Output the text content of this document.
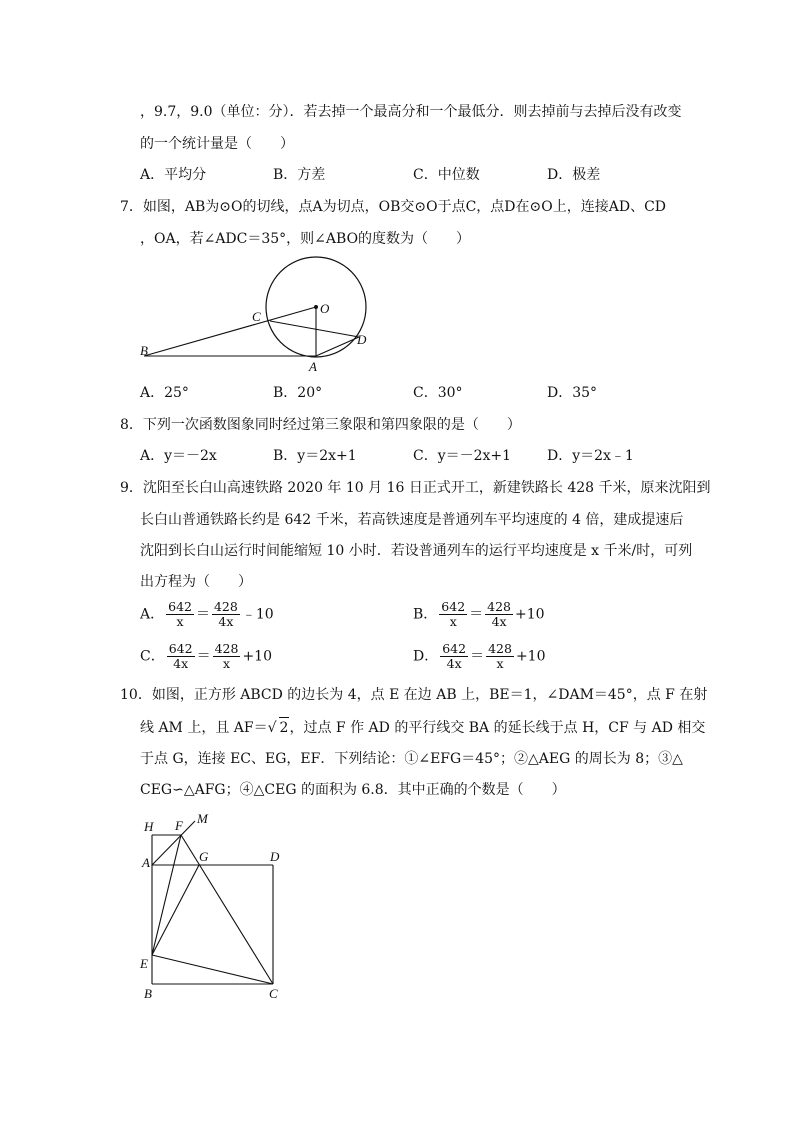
，9.7，9.0（单位：分）．若去掉一个最高分和一个最低分．则去掉前与去掉后没有改变
的一个统计量是（　　）
A．平均分	B．方差	C．中位数	D．极差
7．如图，AB为⊙O的切线，点A为切点，OB交⊙O于点C，点D在⊙O上，连接AD、CD
，OA，若∠ADC＝35°，则∠ABO的度数为（　　）
B
C
O
D
A
A．25°	B．20°	C．30°	D．35°
8．下列一次函数图象同时经过第三象限和第四象限的是（　　）
A．y＝－2x	B．y＝2x+1	C．y＝－2x+1	D．y＝2x﹣1
9．沈阳至长白山高速铁路 2020 年 10 月 16 日正式开工，新建铁路长 428 千米，原来沈阳到
长白山普通铁路长约是 642 千米，若高铁速度是普通列车平均速度的 4 倍，建成提速后
沈阳到长白山运行时间能缩短 10 小时．若设普通列车的运行平均速度是 x 千米/时，可列
出方程为（　　）
A． $\frac{642}{x} = \frac{428}{4x}$ ﹣10	B． $\frac{642}{x} = \frac{428}{4x} +10$
C． $\frac{642}{4x} = \frac{428}{x} +10$	D． $\frac{642}{4x} = \frac{428}{x} +10$
10．如图，正方形 ABCD 的边长为 4，点 E 在边 AB 上，BE＝1，∠DAM＝45°，点 F 在射
线 AM 上，且 AF＝√ 2，过点 F 作 AD 的平行线交 BA 的延长线于点 H，CF 与 AD 相交
于点 G，连接 EC、EG，EF．下列结论：①∠EFG＝45°；②△AEG 的周长为 8；③△
CEG∽△AFG；④△CEG 的面积为 6.8．其中正确的个数是（　　）
H F M
A	G	D
E
B	C
